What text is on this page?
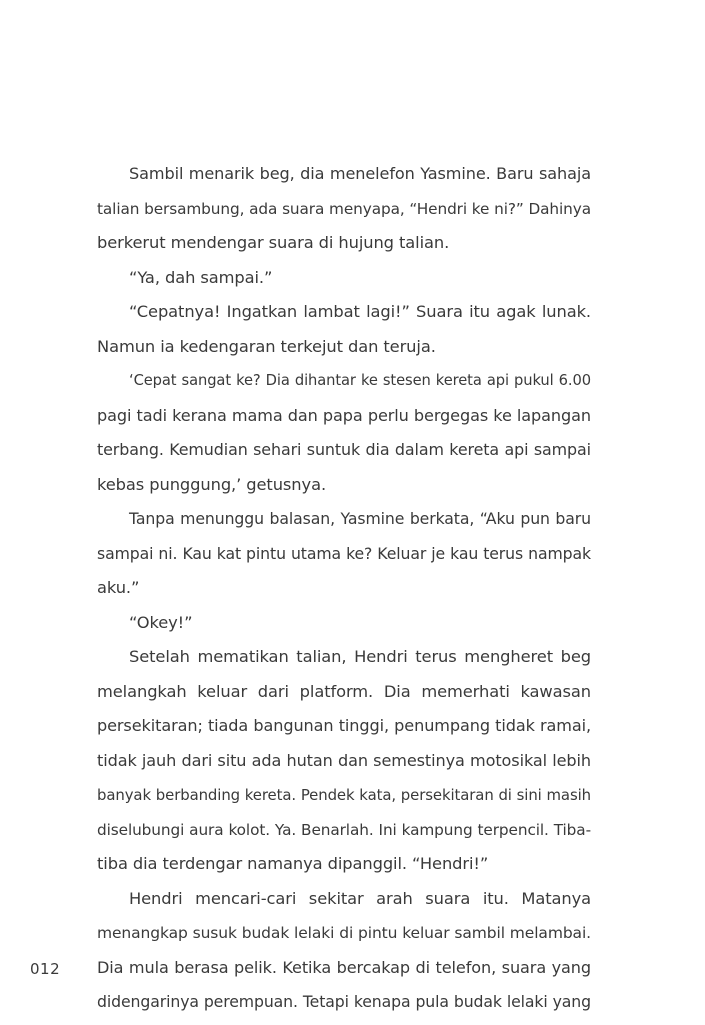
Sambil menarik beg, dia menelefon Yasmine. Baru sahaja
talian bersambung, ada suara menyapa, “Hendri ke ni?” Dahinya
berkerut mendengar suara di hujung talian.
“Ya, dah sampai.”
“Cepatnya! Ingatkan lambat lagi!” Suara itu agak lunak.
Namun ia kedengaran terkejut dan teruja.
‘Cepat sangat ke? Dia dihantar ke stesen kereta api pukul 6.00
pagi tadi kerana mama dan papa perlu bergegas ke lapangan
terbang. Kemudian sehari suntuk dia dalam kereta api sampai
kebas punggung,’ getusnya.
Tanpa menunggu balasan, Yasmine berkata, “Aku pun baru
sampai ni. Kau kat pintu utama ke? Keluar je kau terus nampak
aku.”
“Okey!”
Setelah mematikan talian, Hendri terus mengheret beg
melangkah keluar dari platform. Dia memerhati kawasan
persekitaran; tiada bangunan tinggi, penumpang tidak ramai,
tidak jauh dari situ ada hutan dan semestinya motosikal lebih
banyak berbanding kereta. Pendek kata, persekitaran di sini masih
diselubungi aura kolot. Ya. Benarlah. Ini kampung terpencil. Tiba-
tiba dia terdengar namanya dipanggil. “Hendri!”
Hendri mencari-cari sekitar arah suara itu. Matanya
menangkap susuk budak lelaki di pintu keluar sambil melambai.
Dia mula berasa pelik. Ketika bercakap di telefon, suara yang
didengarinya perempuan. Tetapi kenapa pula budak lelaki yang
012
